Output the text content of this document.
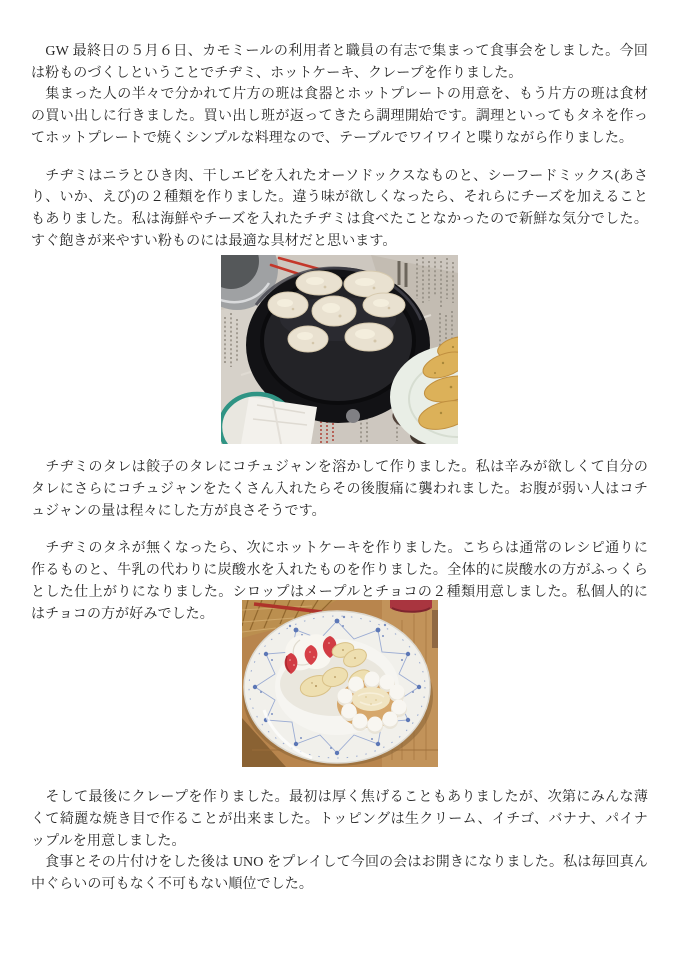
　GW 最終日の５月６日、カモミールの利用者と職員の有志で集まって食事会をしました。今回は粉ものづくしということでチヂミ、ホットケーキ、クレープを作りました。

　集まった人の半々で分かれて片方の班は食器とホットプレートの用意を、もう片方の班は食材の買い出しに行きました。買い出し班が返ってきたら調理開始です。調理といってもタネを作ってホットプレートで焼くシンプルな料理なので、テーブルでワイワイと喋りながら作りました。

　チヂミはニラとひき肉、干しエビを入れたオーソドックスなものと、シーフードミックス(あさり、いか、えび)の２種類を作りました。違う味が欲しくなったら、それらにチーズを加えることもありました。私は海鮮やチーズを入れたチヂミは食べたことなかったので新鮮な気分でした。すぐ飽きが来やすい粉ものには最適な具材だと思います。

　チヂミのタレは餃子のタレにコチュジャンを溶かして作りました。私は辛みが欲しくて自分のタレにさらにコチュジャンをたくさん入れたらその後腹痛に襲われました。お腹が弱い人はコチュジャンの量は程々にした方が良さそうです。

　チヂミのタネが無くなったら、次にホットケーキを作りました。こちらは通常のレシピ通りに作るものと、牛乳の代わりに炭酸水を入れたものを作りました。全体的に炭酸水の方がふっくらとした仕上がりになりました。シロップはメープルとチョコの２種類用意しました。私個人的にはチョコの方が好みでした。

　そして最後にクレープを作りました。最初は厚く焦げることもありましたが、次第にみんな薄くて綺麗な焼き目で作ることが出来ました。トッピングは生クリーム、イチゴ、バナナ、パイナップルを用意しました。

　食事とその片付けをした後は UNO をプレイして今回の会はお開きになりました。私は毎回真ん中ぐらいの可もなく不可もない順位でした。
